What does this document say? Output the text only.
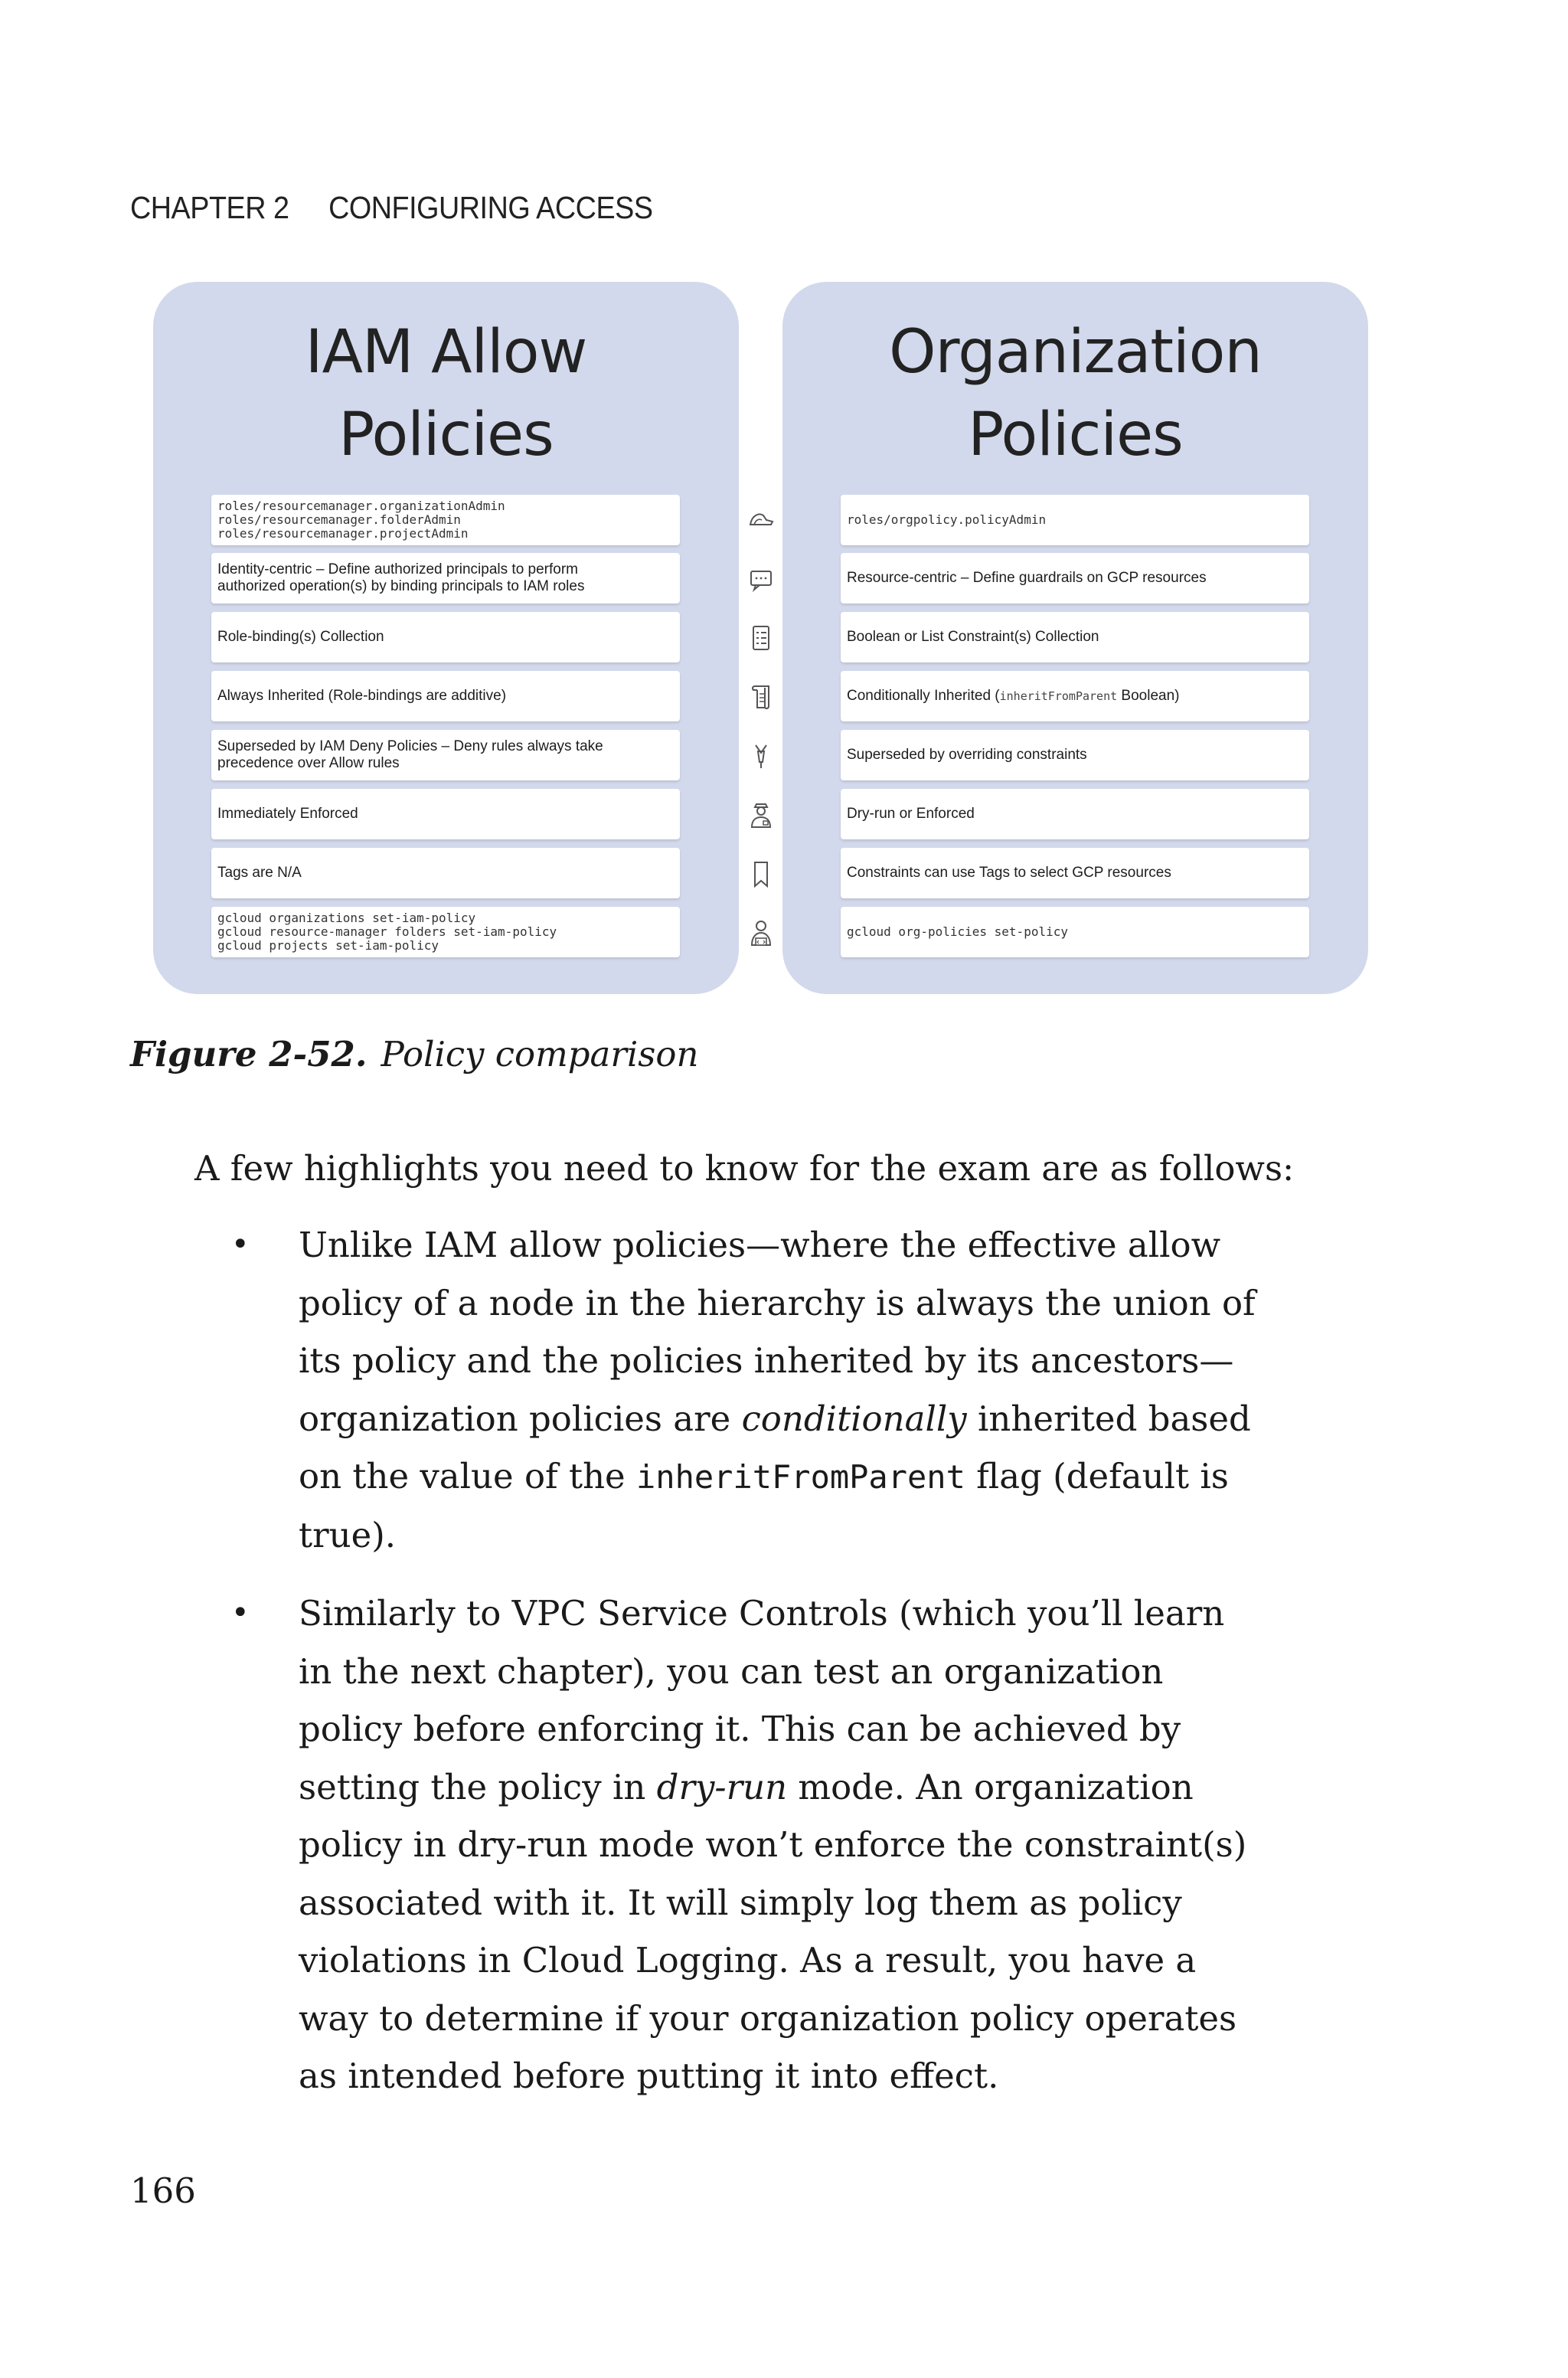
CHAPTER 2 CONFIGURING ACCESS
IAM Allow
Policies
roles/resourcemanager.organizationAdmin
roles/resourcemanager.folderAdmin
roles/resourcemanager.projectAdmin
Identity-centric – Define authorized principals to perform
authorized operation(s) by binding principals to IAM roles
Role-binding(s) Collection
Always Inherited (Role-bindings are additive)
Superseded by IAM Deny Policies – Deny rules always take
precedence over Allow rules
Immediately Enforced
Tags are N/A
gcloud organizations set-iam-policy
gcloud resource-manager folders set-iam-policy
gcloud projects set-iam-policy
Organization
Policies
roles/orgpolicy.policyAdmin
Resource-centric – Define guardrails on GCP resources
Boolean or List Constraint(s) Collection
Conditionally Inherited ( inheritFromParent Boolean)
Superseded by overriding constraints
Dry-run or Enforced
Constraints can use Tags to select GCP resources
gcloud org-policies set-policy
Figure 2-52. Policy comparison
A few highlights you need to know for the exam are as follows:
• Unlike IAM allow policies—where the effective allow policy of a node in the hierarchy is always the union of its policy and the policies inherited by its ancestors—organization policies are conditionally inherited based on the value of the inheritFromParent flag (default is true).
• Similarly to VPC Service Controls (which you’ll learn in the next chapter), you can test an organization policy before enforcing it. This can be achieved by setting the policy in dry-run mode. An organization policy in dry-run mode won’t enforce the constraint(s) associated with it. It will simply log them as policy violations in Cloud Logging. As a result, you have a way to determine if your organization policy operates as intended before putting it into effect.
166
